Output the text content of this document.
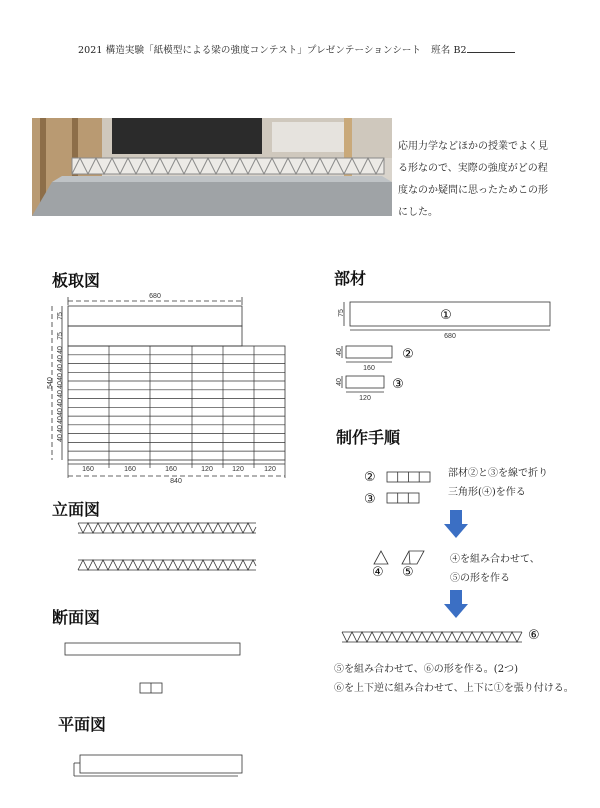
2021 構造実験「紙模型による梁の強度コンテスト」プレゼンテーションシート 班名 B2
応用力学などほかの授業でよく見
る形なので、実際の強度がどの程
度なのか疑問に思ったためこの形
にした。
板取図	部材
立面図
断面図
平面図
制作手順
680
75
75
40
40
40
40
40
40
40
40
40
40
40
540
160	160	160	120	120	120
840
75
680
①
40
160
②
40
120
③
②
③
部材②と③を線で折り
三角形(④)を作る
④ ⑤
④を組み合わせて、
⑤の形を作る
⑥
⑤を組み合わせて、⑥の形を作る。(2つ)
⑥を上下逆に組み合わせて、上下に①を張り付ける。
